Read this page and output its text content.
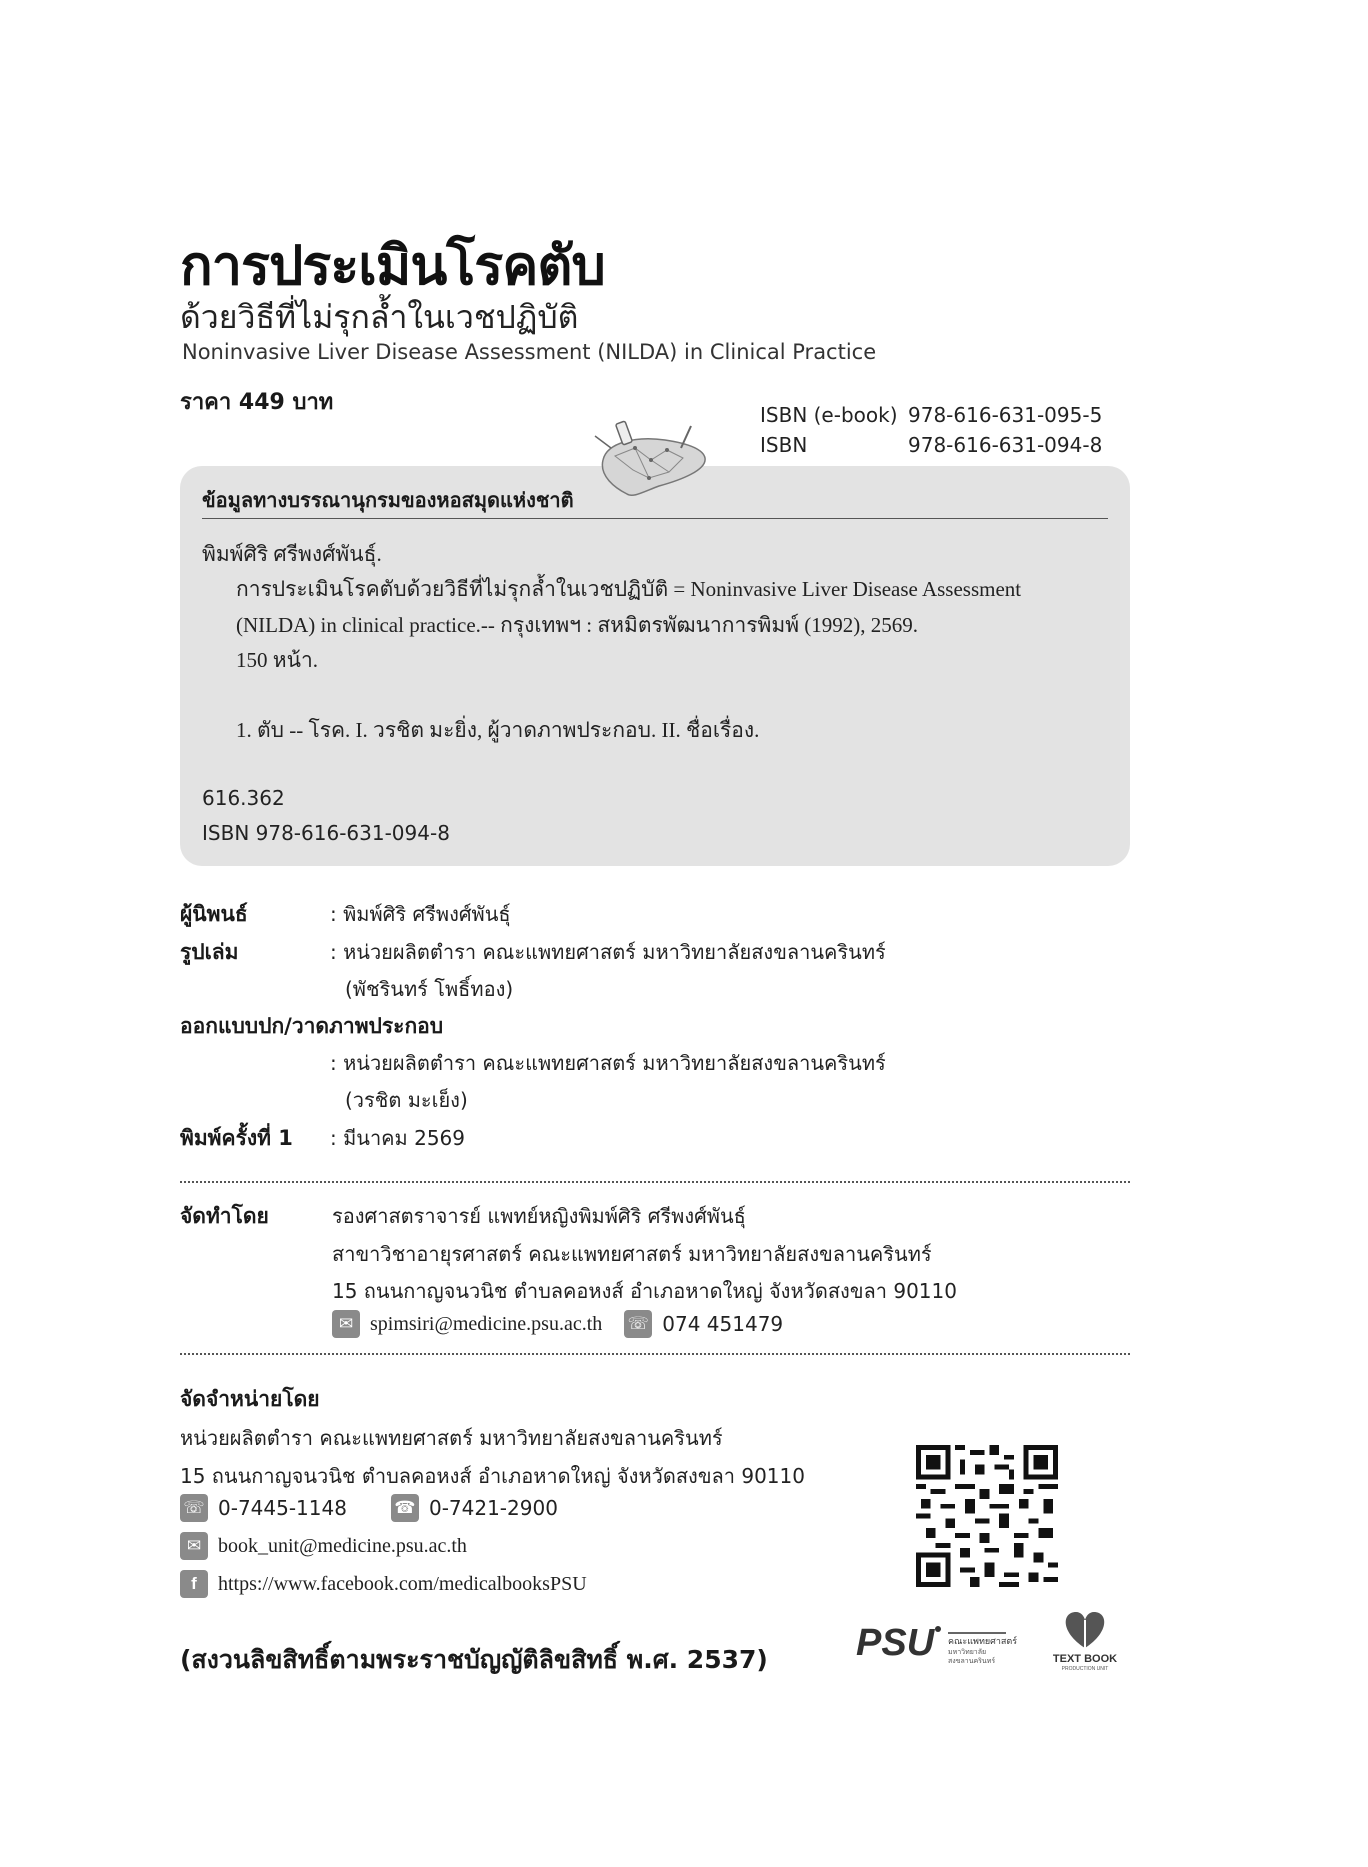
การประเมินโรคตับ
ด้วยวิธีที่ไม่รุกล้ำในเวชปฏิบัติ
Noninvasive Liver Disease Assessment (NILDA) in Clinical Practice
ราคา 449 บาท	ISBN (e-book) 978-616-631-095-5
ISBN	978-616-631-094-8
ข้อมูลทางบรรณานุกรมของหอสมุดแห่งชาติ
พิมพ์ศิริ ศรีพงศ์พันธุ์.
การประเมินโรคตับด้วยวิธีที่ไม่รุกล้ำในเวชปฏิบัติ = Noninvasive Liver Disease Assessment
(NILDA) in clinical practice.-- กรุงเทพฯ : สหมิตรพัฒนาการพิมพ์ (1992), 2569.
150 หน้า.
1. ตับ -- โรค. I. วรชิต มะยิ่ง, ผู้วาดภาพประกอบ. II. ชื่อเรื่อง.
616.362
ISBN 978-616-631-094-8
ผู้นิพนธ์	: พิมพ์ศิริ ศรีพงศ์พันธุ์
รูปเล่ม	: หน่วยผลิตตำรา คณะแพทยศาสตร์ มหาวิทยาลัยสงขลานครินทร์
(พัชรินทร์ โพธิ์ทอง)
ออกแบบปก/วาดภาพประกอบ
: หน่วยผลิตตำรา คณะแพทยศาสตร์ มหาวิทยาลัยสงขลานครินทร์
(วรชิต มะเย็ง)
พิมพ์ครั้งที่ 1 : มีนาคม 2569
จัดทำโดย	รองศาสตราจารย์ แพทย์หญิงพิมพ์ศิริ ศรีพงศ์พันธุ์
สาขาวิชาอายุรศาสตร์ คณะแพทยศาสตร์ มหาวิทยาลัยสงขลานครินทร์
15 ถนนกาญจนวนิช ตำบลคอหงส์ อำเภอหาดใหญ่ จังหวัดสงขลา 90110
✉ spimsiri@medicine.psu.ac.th ☏ 074 451479
จัดจำหน่ายโดย
หน่วยผลิตตำรา คณะแพทยศาสตร์ มหาวิทยาลัยสงขลานครินทร์
15 ถนนกาญจนวนิช ตำบลคอหงส์ อำเภอหาดใหญ่ จังหวัดสงขลา 90110
☏ 0-7445-1148	☎ 0-7421-2900
✉ book_unit@medicine.psu.ac.th
f	https://www.facebook.com/medicalbooksPSU
PSU คณะแพทยศาสตร์
มหาวิทยาลัย
สงขลานครินทร์	TEXT BOOK
PRODUCTION UNIT
(สงวนลิขสิทธิ์ตามพระราชบัญญัติลิขสิทธิ์ พ.ศ. 2537)
